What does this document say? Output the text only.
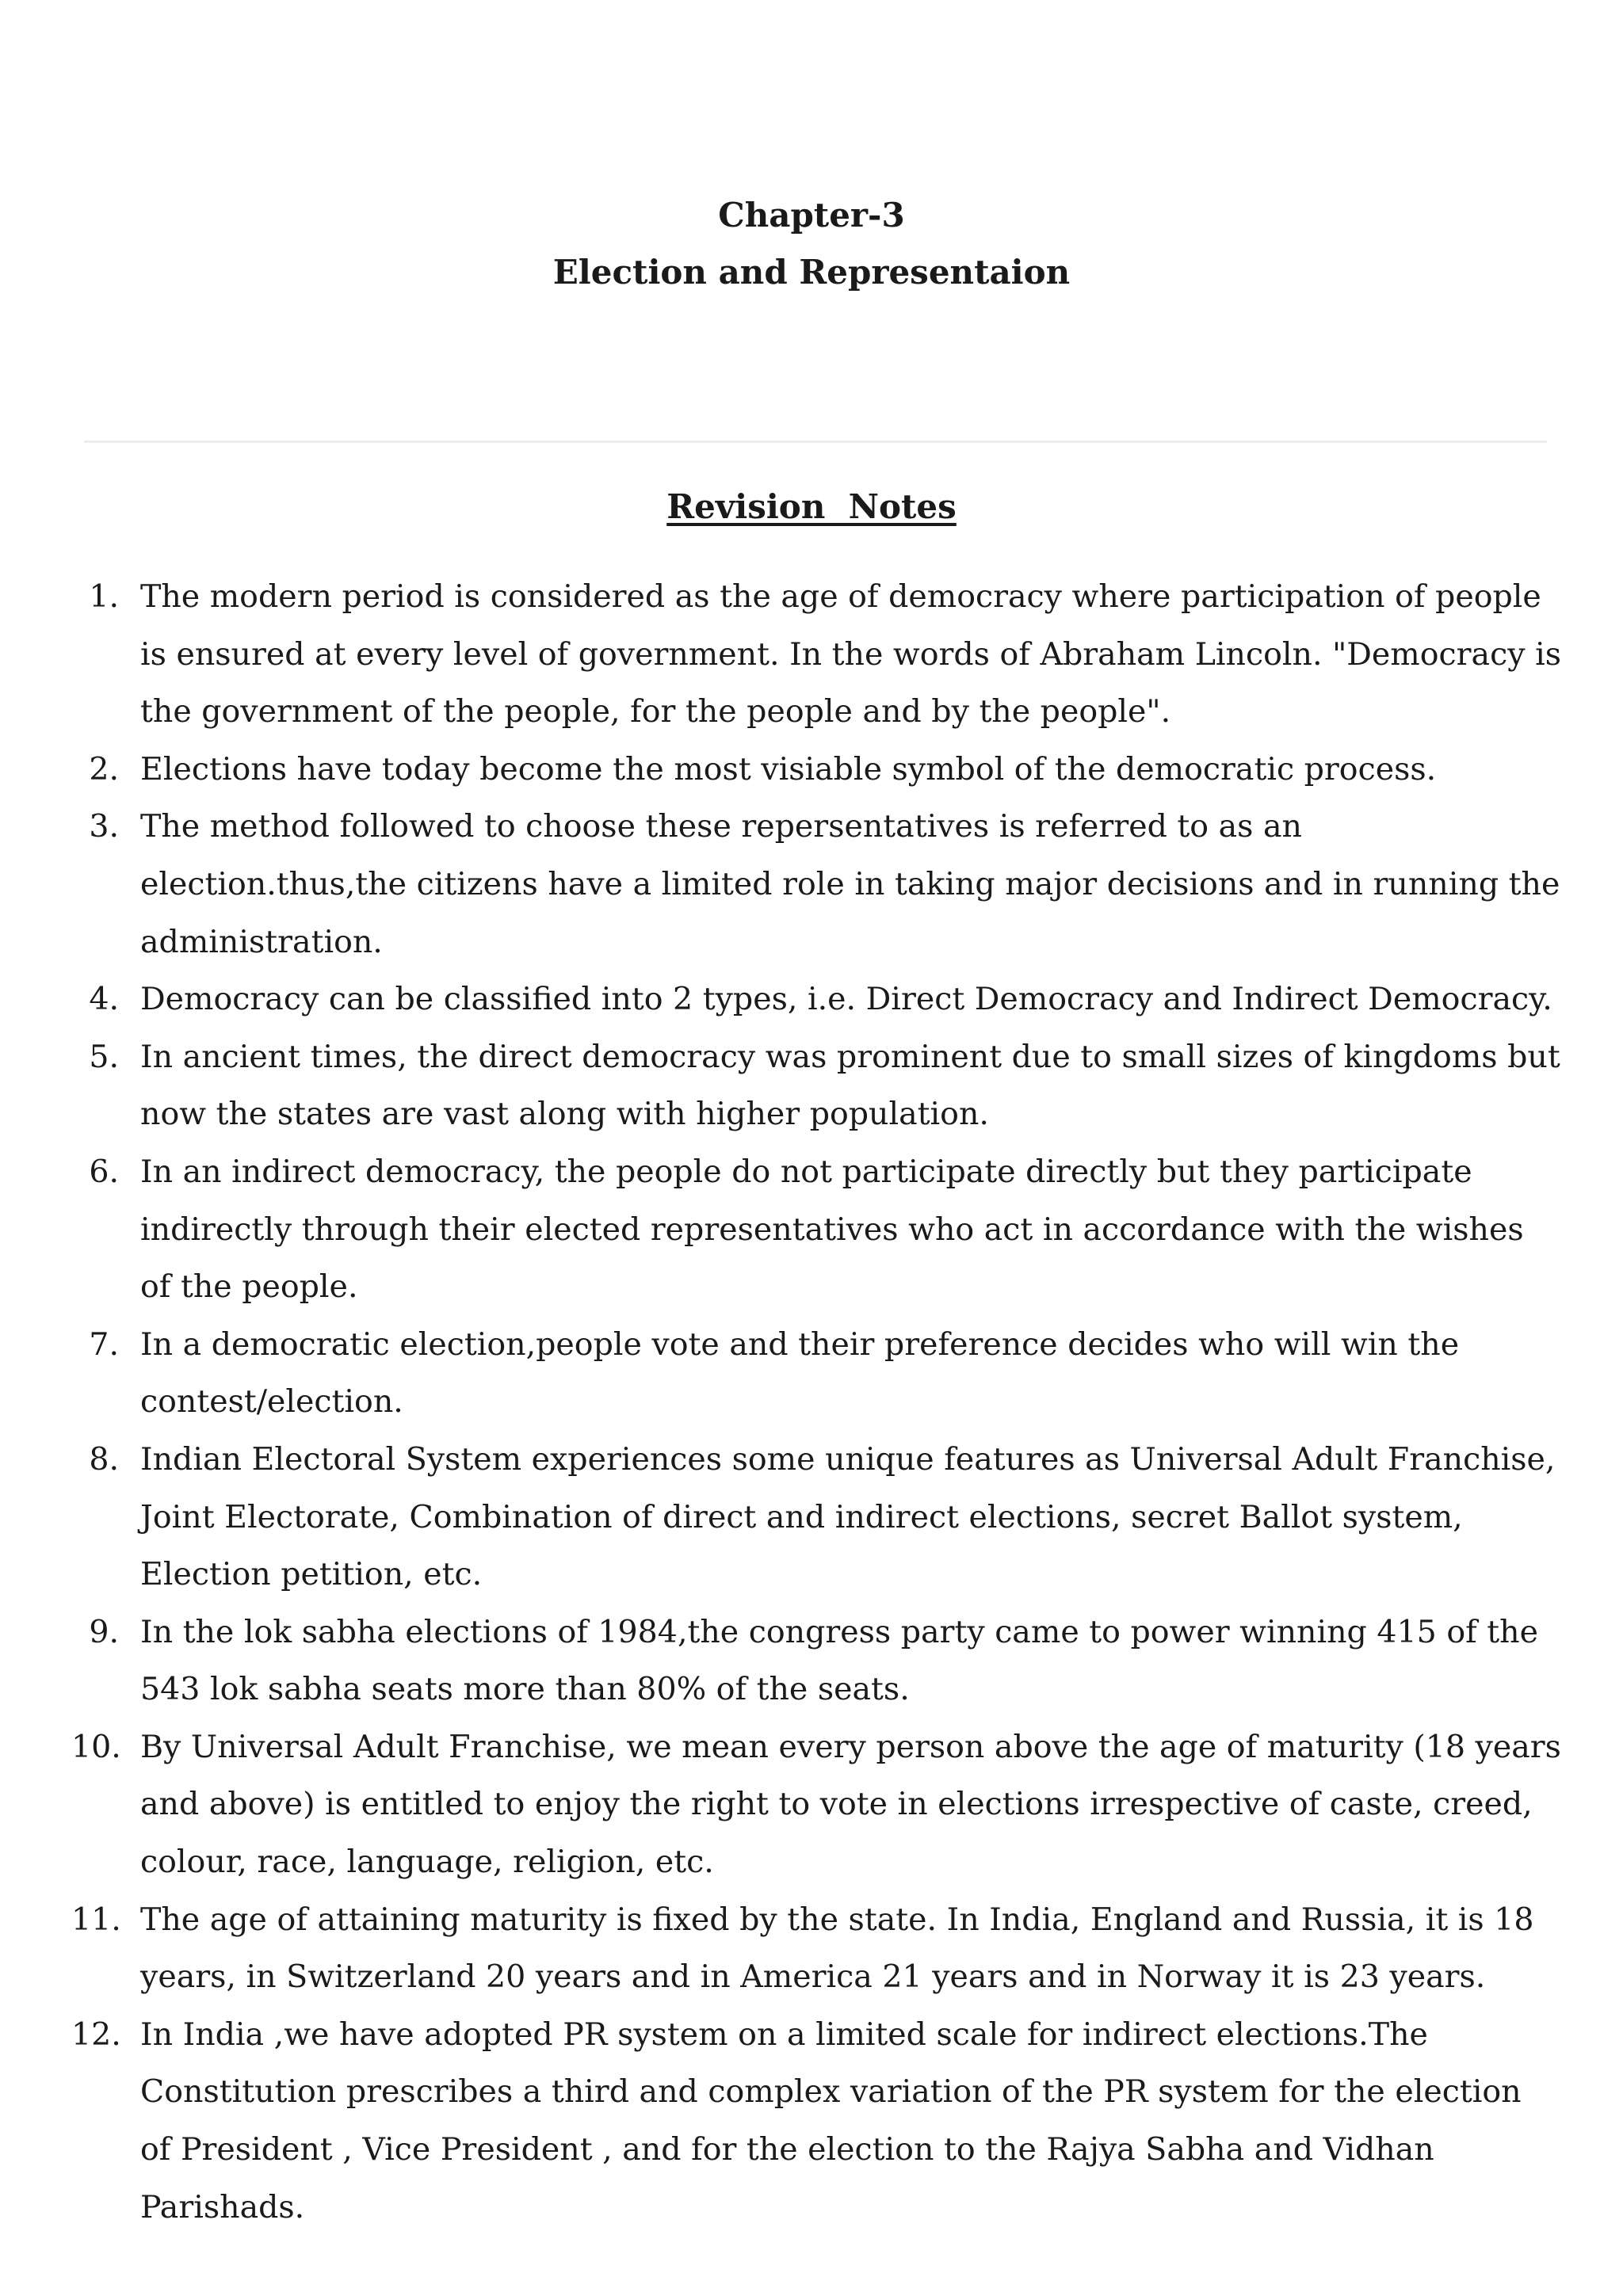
Chapter-3
Election and Representaion
Revision  Notes
1. The modern period is considered as the age of democracy where participation of people is ensured at every level of government. In the words of Abraham Lincoln. "Democracy is the government of the people, for the people and by the people".
2. Elections have today become the most visiable symbol of the democratic process.
3. The method followed to choose these repersentatives is referred to as an election.thus,the citizens have a limited role in taking major decisions and in running the administration.
4. Democracy can be classified into 2 types, i.e. Direct Democracy and Indirect Democracy.
5. In ancient times, the direct democracy was prominent due to small sizes of kingdoms but now the states are vast along with higher population.
6. In an indirect democracy, the people do not participate directly but they participate indirectly through their elected representatives who act in accordance with the wishes of the people.
7. In a democratic election,people vote and their preference decides who will win the contest/election.
8. Indian Electoral System experiences some unique features as Universal Adult Franchise, Joint Electorate, Combination of direct and indirect elections, secret Ballot system, Election petition, etc.
9. In the lok sabha elections of 1984,the congress party came to power winning 415 of the 543 lok sabha seats more than 80% of the seats.
10. By Universal Adult Franchise, we mean every person above the age of maturity (18 years and above) is entitled to enjoy the right to vote in elections irrespective of caste, creed, colour, race, language, religion, etc.
11. The age of attaining maturity is fixed by the state. In India, England and Russia, it is 18 years, in Switzerland 20 years and in America 21 years and in Norway it is 23 years.
12. In India ,we have adopted PR system on a limited scale for indirect elections.The Constitution prescribes a third and complex variation of the PR system for the election of President , Vice President , and for the election to the Rajya Sabha and Vidhan Parishads.
